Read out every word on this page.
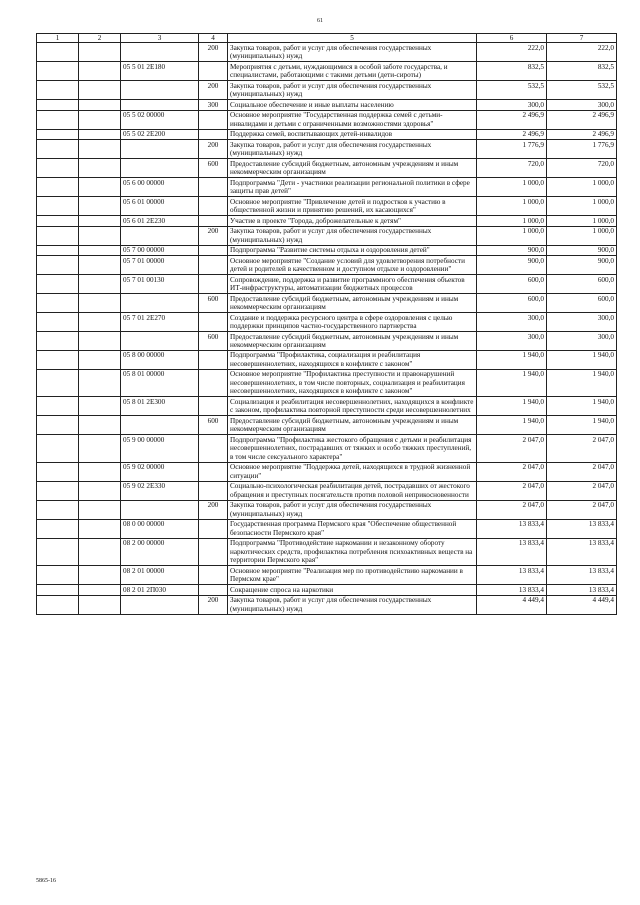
61
1	2	3	4	5	6	7
			200	Закупка товаров, работ и услуг для обеспечения государственных (муниципальных) нужд	222,0	222,0
		05 5 01 2Е180		Мероприятия с детьми, нуждающимися в особой заботе государства, и специалистами, работающими с такими детьми (дети-сироты)	832,5	832,5
			200	Закупка товаров, работ и услуг для обеспечения государственных (муниципальных) нужд	532,5	532,5
			300	Социальное обеспечение и иные выплаты населению	300,0	300,0
		05 5 02 00000		Основное мероприятие "Государственная поддержка семей с детьми-инвалидами и детьми с ограниченными возможностями здоровья"	2 496,9	2 496,9
		05 5 02 2Е200		Поддержка семей, воспитывающих детей-инвалидов	2 496,9	2 496,9
			200	Закупка товаров, работ и услуг для обеспечения государственных (муниципальных) нужд	1 776,9	1 776,9
			600	Предоставление субсидий бюджетным, автономным учреждениям и иным некоммерческим организациям	720,0	720,0
		05 6 00 00000		Подпрограмма "Дети - участники реализации региональной политики в сфере защиты прав детей"	1 000,0	1 000,0
		05 6 01 00000		Основное мероприятие "Привлечение детей и подростков к участию в общественной жизни и принятию решений, их касающихся"	1 000,0	1 000,0
		05 6 01 2Е230		Участие в проекте "Города, доброжелательные к детям"	1 000,0	1 000,0
			200	Закупка товаров, работ и услуг для обеспечения государственных (муниципальных) нужд	1 000,0	1 000,0
		05 7 00 00000		Подпрограмма "Развитие системы отдыха и оздоровления детей"	900,0	900,0
		05 7 01 00000		Основное мероприятие "Создание условий для удовлетворения потребности детей и родителей в качественном и доступном отдыхе и оздоровлении"	900,0	900,0
		05 7 01 00130		Сопровождение, поддержка и развитие программного обеспечения объектов ИТ-инфраструктуры, автоматизации бюджетных процессов	600,0	600,0
			600	Предоставление субсидий бюджетным, автономным учреждениям и иным некоммерческим организациям	600,0	600,0
		05 7 01 2Е270		Создание и поддержка ресурсного центра в сфере оздоровления с целью поддержки принципов частно-государственного партнерства	300,0	300,0
			600	Предоставление субсидий бюджетным, автономным учреждениям и иным некоммерческим организациям	300,0	300,0
		05 8 00 00000		Подпрограмма "Профилактика, социализация и реабилитация несовершеннолетних, находящихся в конфликте с законом"	1 940,0	1 940,0
		05 8 01 00000		Основное мероприятие "Профилактика преступности и правонарушений несовершеннолетних, в том числе повторных, социализация и реабилитация несовершеннолетних, находящихся в конфликте с законом"	1 940,0	1 940,0
		05 8 01 2Е300		Социализация и реабилитация несовершеннолетних, находящихся в конфликте с законом, профилактика повторной преступности среди несовершеннолетних	1 940,0	1 940,0
			600	Предоставление субсидий бюджетным, автономным учреждениям и иным некоммерческим организациям	1 940,0	1 940,0
		05 9 00 00000		Подпрограмма "Профилактика жестокого обращения с детьми и реабилитация несовершеннолетних, пострадавших от тяжких и особо тяжких преступлений, в том числе сексуального характера"	2 047,0	2 047,0
		05 9 02 00000		Основное мероприятие "Поддержка детей, находящихся в трудной жизненной ситуации"	2 047,0	2 047,0
		05 9 02 2Е330		Социально-психологическая реабилитация детей, пострадавших от жестокого обращения и преступных посягательств против половой неприкосновенности	2 047,0	2 047,0
			200	Закупка товаров, работ и услуг для обеспечения государственных (муниципальных) нужд	2 047,0	2 047,0
		08 0 00 00000		Государственная программа Пермского края "Обеспечение общественной безопасности Пермского края"	13 833,4	13 833,4
		08 2 00 00000		Подпрограмма "Противодействие наркомании и незаконному обороту наркотических средств, профилактика потребления психоактивных веществ на территории Пермского края"	13 833,4	13 833,4
		08 2 01 00000		Основное мероприятие "Реализация мер по противодействию наркомании в Пермском крае"	13 833,4	13 833,4
		08 2 01 2П030		Сокращение спроса на наркотики	13 833,4	13 833,4
			200	Закупка товаров, работ и услуг для обеспечения государственных (муниципальных) нужд	4 449,4	4 449,4
5865-16
